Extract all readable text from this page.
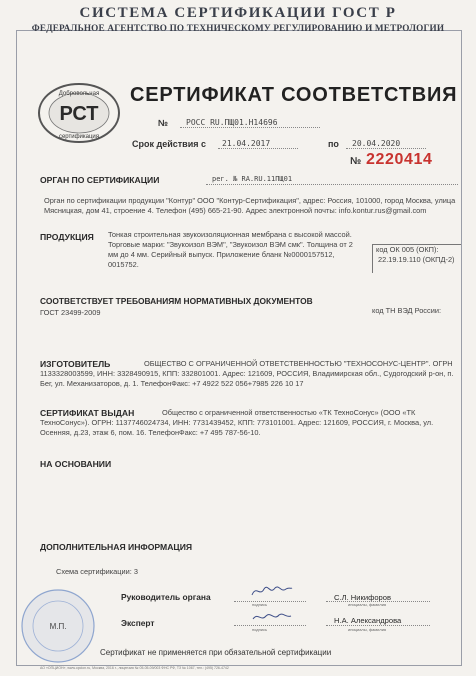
СИСТЕМА СЕРТИФИКАЦИИ ГОСТ Р
ФЕДЕРАЛЬНОЕ АГЕНТСТВО ПО ТЕХНИЧЕСКОМУ РЕГУЛИРОВАНИЮ И МЕТРОЛОГИИ
Добровольная
сертификация
РСТ
СЕРТИФИКАТ СООТВЕТСТВИЯ
№ РОСС RU.ПЩ01.Н14696
Срок действия с 21.04.2017	по 20.04.2020
№ 2220414
ОРГАН ПО СЕРТИФИКАЦИИ	рег. № RA.RU.11ПЩ01
Орган по сертификации продукции "Контур" ООО "Контур-Сертификация", адрес: Россия, 101000, город Москва, улица Мясницкая, дом 41, строение 4. Телефон (495) 665-21-90. Адрес электронной почты: info.kontur.rus@gmail.com
ПРОДУКЦИЯ Тонкая строительная звукоизоляционная мембрана с высокой массой. Торговые марки: "Звукоизол ВЭМ", "Звукоизол ВЭМ смк". Толщина от 2 мм до 4 мм. Серийный выпуск. Приложение бланк №0000157512, 0015752.
код ОК 005 (ОКП):
22.19.19.110 (ОКПД-2)
СООТВЕТСТВУЕТ ТРЕБОВАНИЯМ НОРМАТИВНЫХ ДОКУМЕНТОВ
ГОСТ 23499-2009	код ТН ВЭД России:
ИЗГОТОВИТЕЛЬ	ОБЩЕСТВО С ОГРАНИЧЕННОЙ ОТВЕТСТВЕННОСТЬЮ "ТЕХНОСОНУС-ЦЕНТР". ОГРН 1133328003599, ИНН: 3328490915, КПП: 332801001. Адрес: 121609, РОССИЯ, Владимирская обл., Судогодский р-он, п. Бег, ул. Механизаторов, д. 1. ТелефонФакс: +7 4922 522 056+7985 226 10 17
СЕРТИФИКАТ ВЫДАН	Общество с ограниченной ответственностью «ТК ТехноСонус» (ООО «ТК ТехноСонус»). ОГРН: 1137746024734, ИНН: 7731439452, КПП: 773101001. Адрес: 121609, РОССИЯ, г. Москва, ул. Осенняя, д.23, этаж 6, пом. 16. ТелефонФакс: +7 495 787-56-10.
НА ОСНОВАНИИ
ДОПОЛНИТЕЛЬНАЯ ИНФОРМАЦИЯ
Схема сертификации: 3
М.П.
Руководитель органа
подпись
С.Л. Никифоров
инициалы, фамилия
Эксперт
подпись
Н.А. Александрова
инициалы, фамилия
Сертификат не применяется при обязательной сертификации
АО «ОПЦИОН», www.opcion.ru, Москва, 2016 г., лицензия № 05-05-09/003 ФНС РФ, ТЗ № 1067, тел.: (495) 726-4742
